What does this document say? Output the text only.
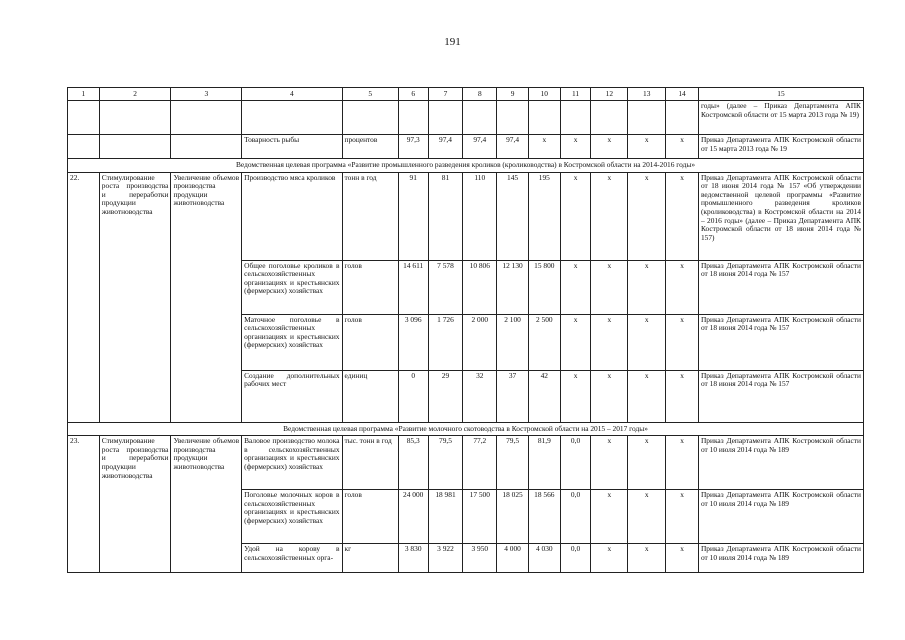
191
1	2	3	4	5	6	7	8	9	10	11	12	13	14	15
														годы» (далее – Приказ Департамента АПК Костромской области от 15 марта 2013 года № 19)
			Товарность рыбы	процентов	97,3	97,4	97,4	97,4	х	х	х	х	х	Приказ Департамента АПК Костромской области от 15 марта 2013 года № 19
Ведомственная целевая программа «Развитие промышленного разведения кроликов (кролиководства) в Костромской области на 2014-2016 годы»														
22.	Стимулирование роста производства и переработки продукции животноводства	Увеличение объемов производства продукции животноводства	Производство мяса кроликов	тонн в год	91	81	110	145	195	х	х	х	х	Приказ Департамента АПК Костромской области от 18 июня 2014 года № 157 «Об утверждении ведомственной целевой программы «Развитие промышленного разведения кроликов (кролиководства) в Костромской области на 2014 – 2016 годы» (далее – Приказ Департамента АПК Костромской области от 18 июня 2014 года № 157)
			Общее поголовье кроликов в сельскохозяйственных организациях и крестьянских (фермерских) хозяйствах	голов	14 611	7 578	10 806	12 130	15 800	х	х	х	х	Приказ Департамента АПК Костромской области от 18 июня 2014 года № 157
			Маточное поголовье в сельскохозяйственных организациях и крестьянских (фермерских) хозяйствах	голов	3 096	1 726	2 000	2 100	2 500	х	х	х	х	Приказ Департамента АПК Костромской области от 18 июня 2014 года № 157
			Создание дополнительных рабочих мест	единиц	0	29	32	37	42	х	х	х	х	Приказ Департамента АПК Костромской области от 18 июня 2014 года № 157
Ведомственная целевая программа «Развитие молочного скотоводства в Костромской области на 2015 – 2017 годы»														
23.	Стимулирование роста производства и переработки продукции животноводства	Увеличение объемов производства продукции животноводства	Валовое производство молока в сельскохозяйственных организациях и крестьянских (фермерских) хозяйствах	тыс. тонн в год	85,3	79,5	77,2	79,5	81,9	0,0	х	х	х	Приказ Департамента АПК Костромской области от 10 июля 2014 года № 189
			Поголовье молочных коров в сельскохозяйственных организациях и крестьянских (фермерских) хозяйствах	голов	24 000	18 981	17 500	18 025	18 566	0,0	х	х	х	Приказ Департамента АПК Костромской области от 10 июля 2014 года № 189
			Удой на корову в сельскохозяйственных орга-	кг	3 830	3 922	3 950	4 000	4 030	0,0	х	х	х	Приказ Департамента АПК Костромской области от 10 июля 2014 года № 189
